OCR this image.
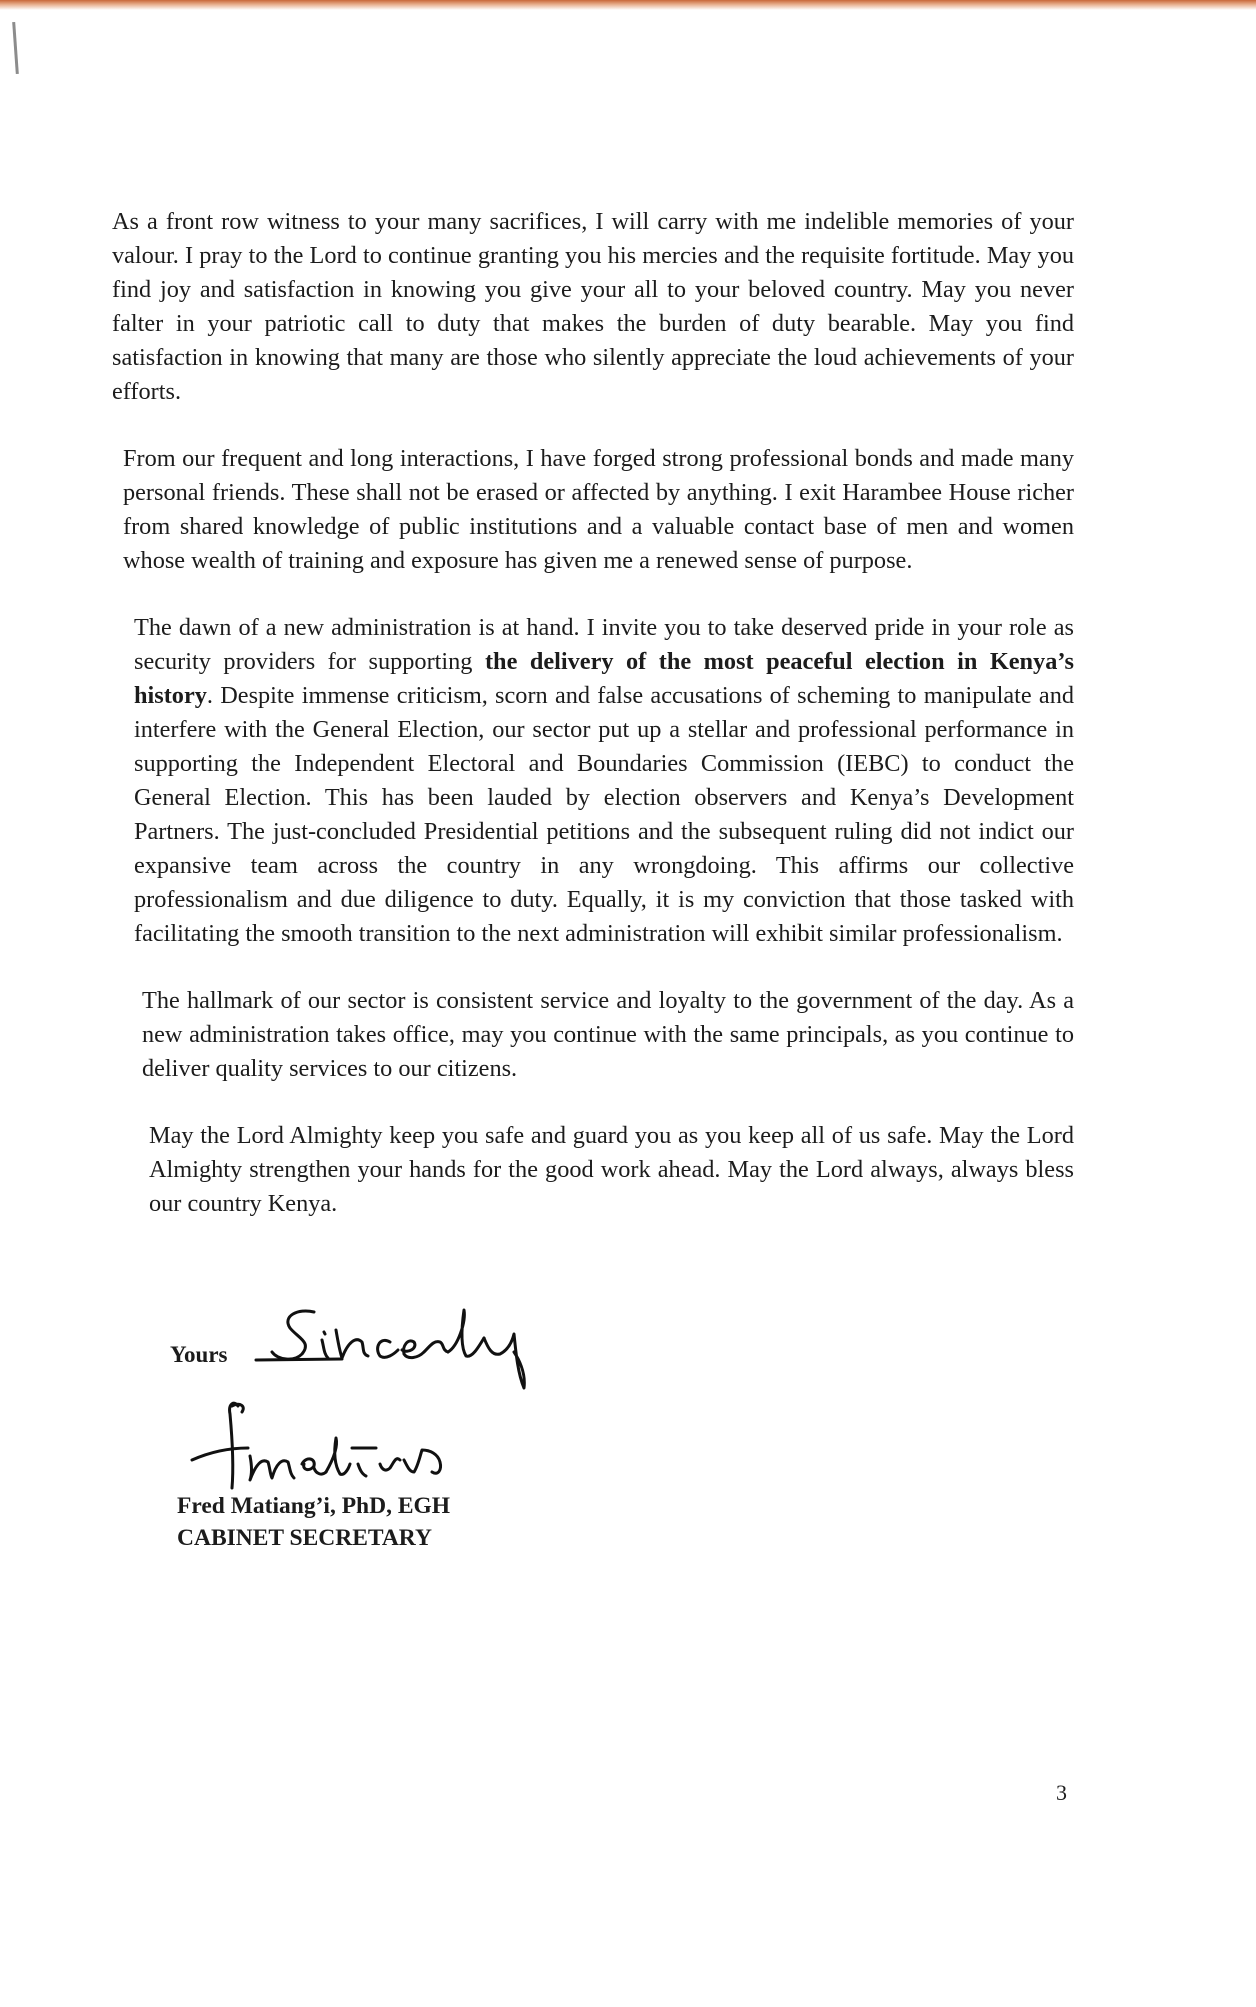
As a front row witness to your many sacrifices, I will carry with me indelible memories of your valour. I pray to the Lord to continue granting you his mercies and the requisite fortitude. May you find joy and satisfaction in knowing you give your all to your beloved country. May you never falter in your patriotic call to duty that makes the burden of duty bearable. May you find satisfaction in knowing that many are those who silently appreciate the loud achievements of your efforts.

From our frequent and long interactions, I have forged strong professional bonds and made many personal friends. These shall not be erased or affected by anything. I exit Harambee House richer from shared knowledge of public institutions and a valuable contact base of men and women whose wealth of training and exposure has given me a renewed sense of purpose.

The dawn of a new administration is at hand. I invite you to take deserved pride in your role as security providers for supporting the delivery of the most peaceful election in Kenya’s history. Despite immense criticism, scorn and false accusations of scheming to manipulate and interfere with the General Election, our sector put up a stellar and professional performance in supporting the Independent Electoral and Boundaries Commission (IEBC) to conduct the General Election. This has been lauded by election observers and Kenya’s Development Partners. The just-concluded Presidential petitions and the subsequent ruling did not indict our expansive team across the country in any wrongdoing. This affirms our collective professionalism and due diligence to duty. Equally, it is my conviction that those tasked with facilitating the smooth transition to the next administration will exhibit similar professionalism.

The hallmark of our sector is consistent service and loyalty to the government of the day. As a new administration takes office, may you continue with the same principals, as you continue to deliver quality services to our citizens.

May the Lord Almighty keep you safe and guard you as you keep all of us safe. May the Lord Almighty strengthen your hands for the good work ahead. May the Lord always, always bless our country Kenya.

Yours
Fred Matiang’i, PhD, EGH
CABINET SECRETARY
3
